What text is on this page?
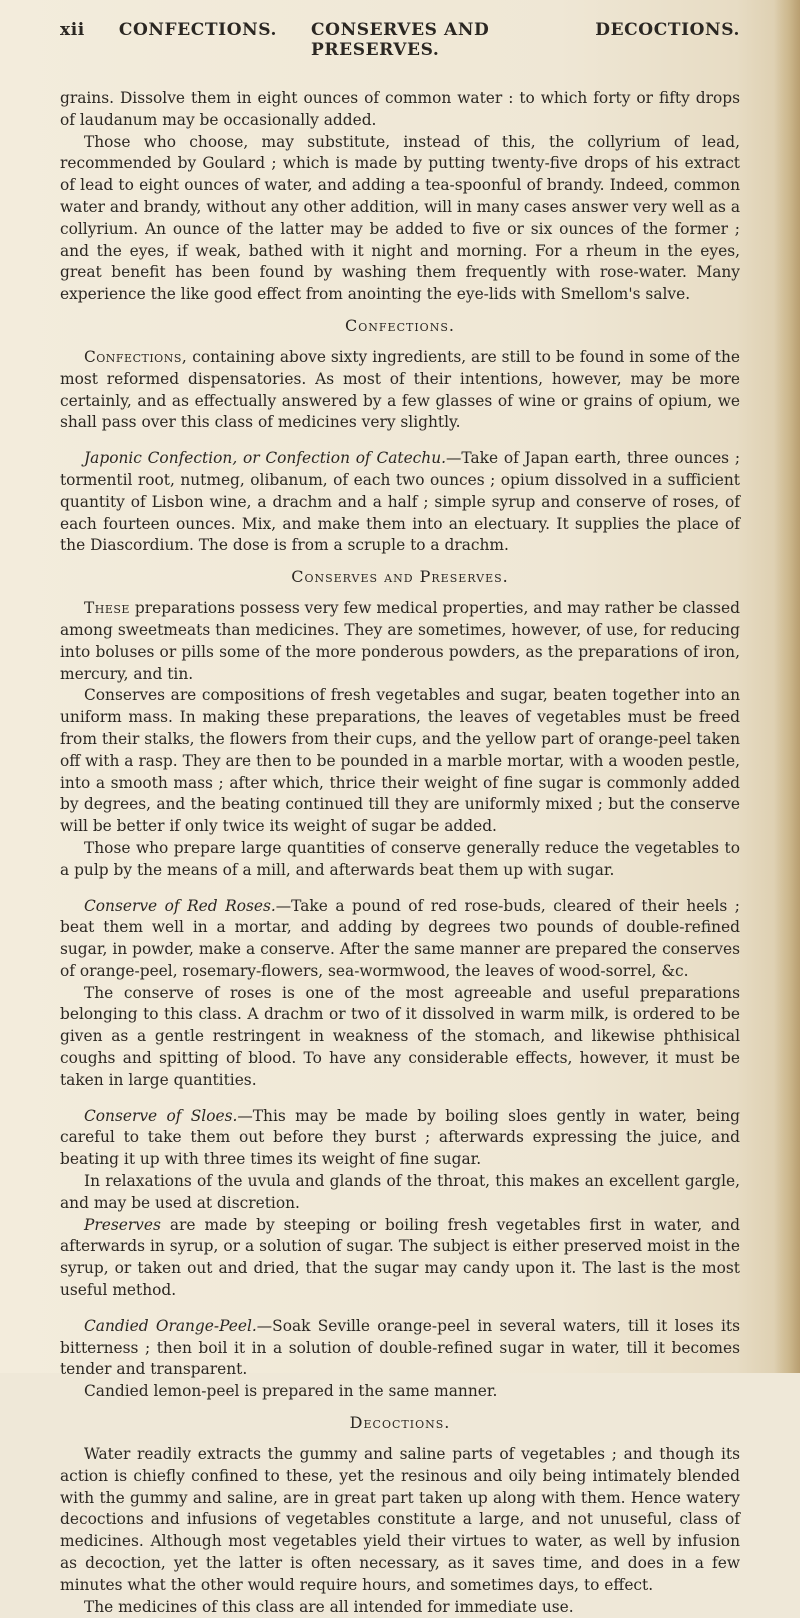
xii CONFECTIONS. CONSERVES AND PRESERVES.
DECOCTIONS.

grains. Dissolve them in eight ounces of common water : to which forty or fifty drops of laudanum may be occasionally added.

Those who choose, may substitute, instead of this, the collyrium of lead, recommended by Goulard ; which is made by putting twenty-five drops of his extract of lead to eight ounces of water, and adding a tea-spoonful of brandy. Indeed, common water and brandy, without any other addition, will in many cases answer very well as a collyrium. An ounce of the latter may be added to five or six ounces of the former ; and the eyes, if weak, bathed with it night and morning. For a rheum in the eyes, great benefit has been found by washing them frequently with rose-water. Many experience the like good effect from anointing the eye-lids with Smellom's salve.

Confections.

Confections, containing above sixty ingredients, are still to be found in some of the most reformed dispensatories. As most of their intentions, however, may be more certainly, and as effectually answered by a few glasses of wine or grains of opium, we shall pass over this class of medicines very slightly.

Japonic Confection, or Confection of Catechu.—Take of Japan earth, three ounces ; tormentil root, nutmeg, olibanum, of each two ounces ; opium dissolved in a sufficient quantity of Lisbon wine, a drachm and a half ; simple syrup and conserve of roses, of each fourteen ounces. Mix, and make them into an electuary. It supplies the place of the Diascordium. The dose is from a scruple to a drachm.

Conserves and Preserves.

These preparations possess very few medical properties, and may rather be classed among sweetmeats than medicines. They are sometimes, however, of use, for reducing into boluses or pills some of the more ponderous powders, as the preparations of iron, mercury, and tin.

Conserves are compositions of fresh vegetables and sugar, beaten together into an uniform mass. In making these preparations, the leaves of vegetables must be freed from their stalks, the flowers from their cups, and the yellow part of orange-peel taken off with a rasp. They are then to be pounded in a marble mortar, with a wooden pestle, into a smooth mass ; after which, thrice their weight of fine sugar is commonly added by degrees, and the beating continued till they are uniformly mixed ; but the conserve will be better if only twice its weight of sugar be added.

Those who prepare large quantities of conserve generally reduce the vegetables to a pulp by the means of a mill, and afterwards beat them up with sugar.

Conserve of Red Roses.—Take a pound of red rose-buds, cleared of their heels ; beat them well in a mortar, and adding by degrees two pounds of double-refined sugar, in powder, make a conserve. After the same manner are prepared the conserves of orange-peel, rosemary-flowers, sea-wormwood, the leaves of wood-sorrel, &c.

The conserve of roses is one of the most agreeable and useful preparations belonging to this class. A drachm or two of it dissolved in warm milk, is ordered to be given as a gentle restringent in weakness of the stomach, and likewise phthisical coughs and spitting of blood. To have any considerable effects, however, it must be taken in large quantities.

Conserve of Sloes.—This may be made by boiling sloes gently in water, being careful to take them out before they burst ; afterwards expressing the juice, and beating it up with three times its weight of fine sugar.

In relaxations of the uvula and glands of the throat, this makes an excellent gargle, and may be used at discretion.

Preserves are made by steeping or boiling fresh vegetables first in water, and afterwards in syrup, or a solution of sugar. The subject is either preserved moist in the syrup, or taken out and dried, that the sugar may candy upon it. The last is the most useful method.

Candied Orange-Peel.—Soak Seville orange-peel in several waters, till it loses its bitterness ; then boil it in a solution of double-refined sugar in water, till it becomes tender and transparent.

Candied lemon-peel is prepared in the same manner.

Decoctions.

Water readily extracts the gummy and saline parts of vegetables ; and though its action is chiefly confined to these, yet the resinous and oily being intimately blended with the gummy and saline, are in great part taken up along with them. Hence watery decoctions and infusions of vegetables constitute a large, and not unuseful, class of medicines. Although most vegetables yield their virtues to water, as well by infusion as decoction, yet the latter is often necessary, as it saves time, and does in a few minutes what the other would require hours, and sometimes days, to effect.

The medicines of this class are all intended for immediate use.
